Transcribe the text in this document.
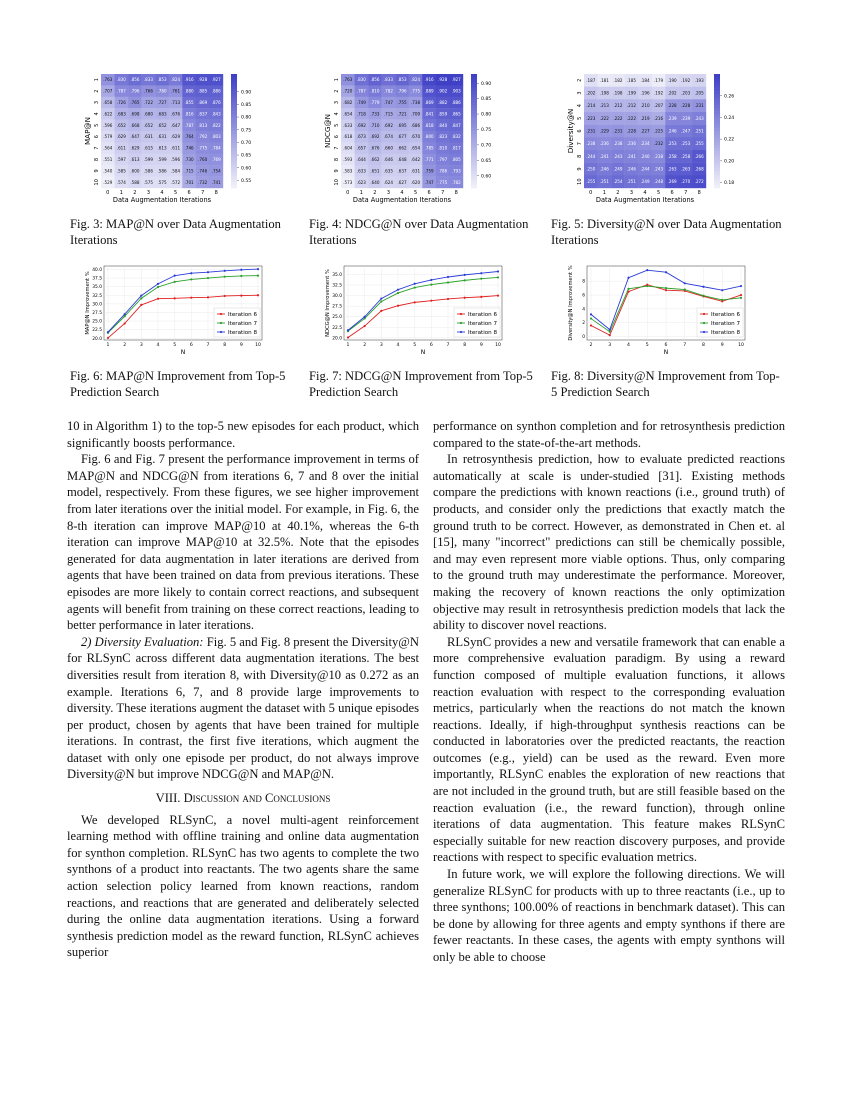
.763 .830 .856 .833 .853 .824 .916 .928 .927
.707 .787 .796 .766 .780 .761 .880 .885 .886
.658 .726 .765 .722 .727 .713 .855 .869 .876
.622 .683 .698 .680 .683 .676 .816 .837 .843
.596 .652 .668 .652 .652 .647 .787 .813 .822
.579 .629 .647 .631 .631 .629 .764 .792 .803
.564 .611 .629 .615 .613 .611 .746 .775 .784
.551 .597 .613 .599 .599 .596 .730 .760 .769
.540 .585 .600 .586 .586 .584 .715 .746 .754
.529 .574 .588 .575 .575 .572 .701 .732 .741
1
2
3
4
5
6
7
8
9
10
0 1 2 3 4 5 6 7 8
Data Augmentation Iterations
MAP@N
0.55
0.60
0.65
0.70
0.75
0.80
0.85
0.90
.763 .830 .856 .833 .853 .824 .916 .928 .927
.720 .787 .810 .782 .796 .775 .889 .902 .903
.682 .749 .779 .747 .755 .738 .869 .882 .886
.654 .718 .733 .715 .721 .709 .841 .859 .865
.633 .692 .710 .692 .695 .686 .818 .840 .847
.618 .673 .692 .674 .677 .670 .800 .823 .832
.604 .657 .676 .660 .662 .654 .785 .810 .817
.593 .644 .662 .646 .648 .642 .771 .797 .805
.583 .633 .651 .635 .637 .631 .759 .786 .793
.573 .623 .640 .624 .627 .620 .747 .775 .782
1
2
3
4
5
6
7
8
9
10
0 1 2 3 4 5 6 7 8
Data Augmentation Iterations
NDCG@N
0.60
0.65
0.70
0.75
0.80
0.85
0.90
.187 .181 .182 .185 .184 .179 .190 .192 .193
.202 .198 .198 .199 .196 .192 .202 .203 .205
.214 .213 .212 .212 .210 .207 .228 .228 .231
.223 .222 .222 .222 .219 .216 .239 .239 .243
.231 .229 .231 .228 .227 .225 .246 .247 .251
.238 .236 .238 .236 .234 .232 .253 .253 .255
.244 .241 .243 .241 .240 .238 .258 .258 .266
.250 .246 .249 .246 .244 .243 .263 .263 .268
.255 .251 .254 .251 .249 .248 .269 .270 .272
2
3
4
5
6
7
8
9
10
0 1 2 3 4 5 6 7 8
Data Augmentation Iterations
Diversity@N
0.18
0.20
0.22
0.24
0.26
Fig. 3: MAP@N over Data Augmentation Iterations
Fig. 4: NDCG@N over Data Augmentation Iterations
Fig. 5: Diversity@N over Data Augmentation Iterations
20.0
22.5
25.0
27.5
30.0
32.5
35.0
37.5
40.0
1	2	3	4	5	6	7	8	9	10
Iteration 6
Iteration 7
Iteration 8
N
MAP@N Improvement %
20.0
22.5
25.0
27.5
30.0
32.5
35.0
1	2	3	4	5	6	7	8	9	10
Iteration 6
Iteration 7
Iteration 8
N
NDCG@N Improvement %
0
2
4
6
8
2	3	4	5	6	7	8	9	10
Iteration 6
Iteration 7
Iteration 8
N
Diversity@N Improvement %
Fig. 6: MAP@N Improvement from Top-5 Prediction Search
Fig. 7: NDCG@N Improvement from Top-5 Prediction Search
Fig. 8: Diversity@N Improvement from Top-5 Prediction Search

10 in Algorithm 1) to the top-5 new episodes for each product, which significantly boosts performance.

Fig. 6 and Fig. 7 present the performance improvement in terms of MAP@N and NDCG@N from iterations 6, 7 and 8 over the initial model, respectively. From these figures, we see higher improvement from later iterations over the initial model. For example, in Fig. 6, the 8-th iteration can improve MAP@10 at 40.1%, whereas the 6-th iteration can improve MAP@10 at 32.5%. Note that the episodes generated for data augmentation in later iterations are derived from agents that have been trained on data from previous iterations. These episodes are more likely to contain correct reactions, and subsequent agents will benefit from training on these correct reactions, leading to better performance in later iterations.

2) Diversity Evaluation: Fig. 5 and Fig. 8 present the Diversity@N for RLSynC across different data augmentation iterations. The best diversities result from iteration 8, with Diversity@10 as 0.272 as an example. Iterations 6, 7, and 8 provide large improvements to diversity. These iterations augment the dataset with 5 unique episodes per product, chosen by agents that have been trained for multiple iterations. In contrast, the first five iterations, which augment the dataset with only one episode per product, do not always improve Diversity@N but improve NDCG@N and MAP@N.

VIII. Discussion and Conclusions

We developed RLSynC, a novel multi-agent reinforcement learning method with offline training and online data augmentation for synthon completion. RLSynC has two agents to complete the two synthons of a product into reactants. The two agents share the same action selection policy learned from known reactions, random reactions, and reactions that are generated and deliberately selected during the online data augmentation iterations. Using a forward synthesis prediction model as the reward function, RLSynC achieves superior

performance on synthon completion and for retrosynthesis prediction compared to the state-of-the-art methods.

In retrosynthesis prediction, how to evaluate predicted reactions automatically at scale is under-studied [31]. Existing methods compare the predictions with known reactions (i.e., ground truth) of products, and consider only the predictions that exactly match the ground truth to be correct. However, as demonstrated in Chen et. al [15], many "incorrect" predictions can still be chemically possible, and may even represent more viable options. Thus, only comparing to the ground truth may underestimate the performance. Moreover, making the recovery of known reactions the only optimization objective may result in retrosynthesis prediction models that lack the ability to discover novel reactions.

RLSynC provides a new and versatile framework that can enable a more comprehensive evaluation paradigm. By using a reward function composed of multiple evaluation functions, it allows reaction evaluation with respect to the corresponding evaluation metrics, particularly when the reactions do not match the known reactions. Ideally, if high-throughput synthesis reactions can be conducted in laboratories over the predicted reactants, the reaction outcomes (e.g., yield) can be used as the reward. Even more importantly, RLSynC enables the exploration of new reactions that are not included in the ground truth, but are still feasible based on the reaction evaluation (i.e., the reward function), through online iterations of data augmentation. This feature makes RLSynC especially suitable for new reaction discovery purposes, and provide reactions with respect to specific evaluation metrics.

In future work, we will explore the following directions. We will generalize RLSynC for products with up to three reactants (i.e., up to three synthons; 100.00% of reactions in benchmark dataset). This can be done by allowing for three agents and empty synthons if there are fewer reactants. In these cases, the agents with empty synthons will only be able to choose
